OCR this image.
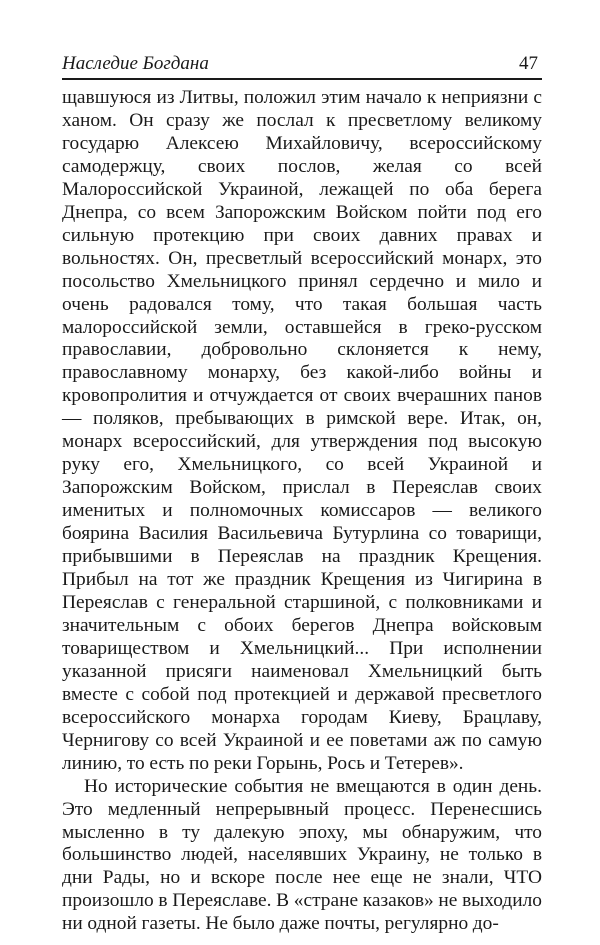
Наследие Богдана	47

щавшуюся из Литвы, положил этим начало к неприязни с ханом. Он сразу же послал к пресветлому великому государю Алексею Михайловичу, всероссийскому самодержцу, своих послов, желая со всей Малороссийской Украиной, лежащей по оба берега Днепра, со всем Запорожским Войском пойти под его сильную протекцию при своих давних правах и вольностях. Он, пресветлый всероссийский монарх, это посольство Хмельницкого принял сердечно и мило и очень радовался тому, что такая большая часть малороссийской земли, оставшейся в греко-русском православии, добровольно склоняется к нему, православному монарху, без какой-либо войны и кровопролития и отчуждается от своих вчерашних панов — поляков, пребывающих в римской вере. Итак, он, монарх всероссийский, для утверждения под высокую руку его, Хмельницкого, со всей Украиной и Запорожским Войском, прислал в Переяслав своих именитых и полномочных комиссаров — великого боярина Василия Васильевича Бутурлина со товарищи, прибывшими в Переяслав на праздник Крещения. Прибыл на тот же праздник Крещения из Чигирина в Переяслав с генеральной старшиной, с полковниками и значительным с обоих берегов Днепра войсковым товариществом и Хмельницкий... При исполнении указанной присяги наименовал Хмельницкий быть вместе с собой под протекцией и державой пресветлого всероссийского монарха городам Киеву, Брацлаву, Чернигову со всей Украиной и ее поветами аж по самую линию, то есть по реки Горынь, Рось и Тетерев».

Но исторические события не вмещаются в один день. Это медленный непрерывный процесс. Перенесшись мысленно в ту далекую эпоху, мы обнаружим, что большинство людей, населявших Украину, не только в дни Рады, но и вскоре после нее еще не знали, ЧТО произошло в Переяславе. В «стране казаков» не выходило ни одной газеты. Не было даже почты, регулярно до-
